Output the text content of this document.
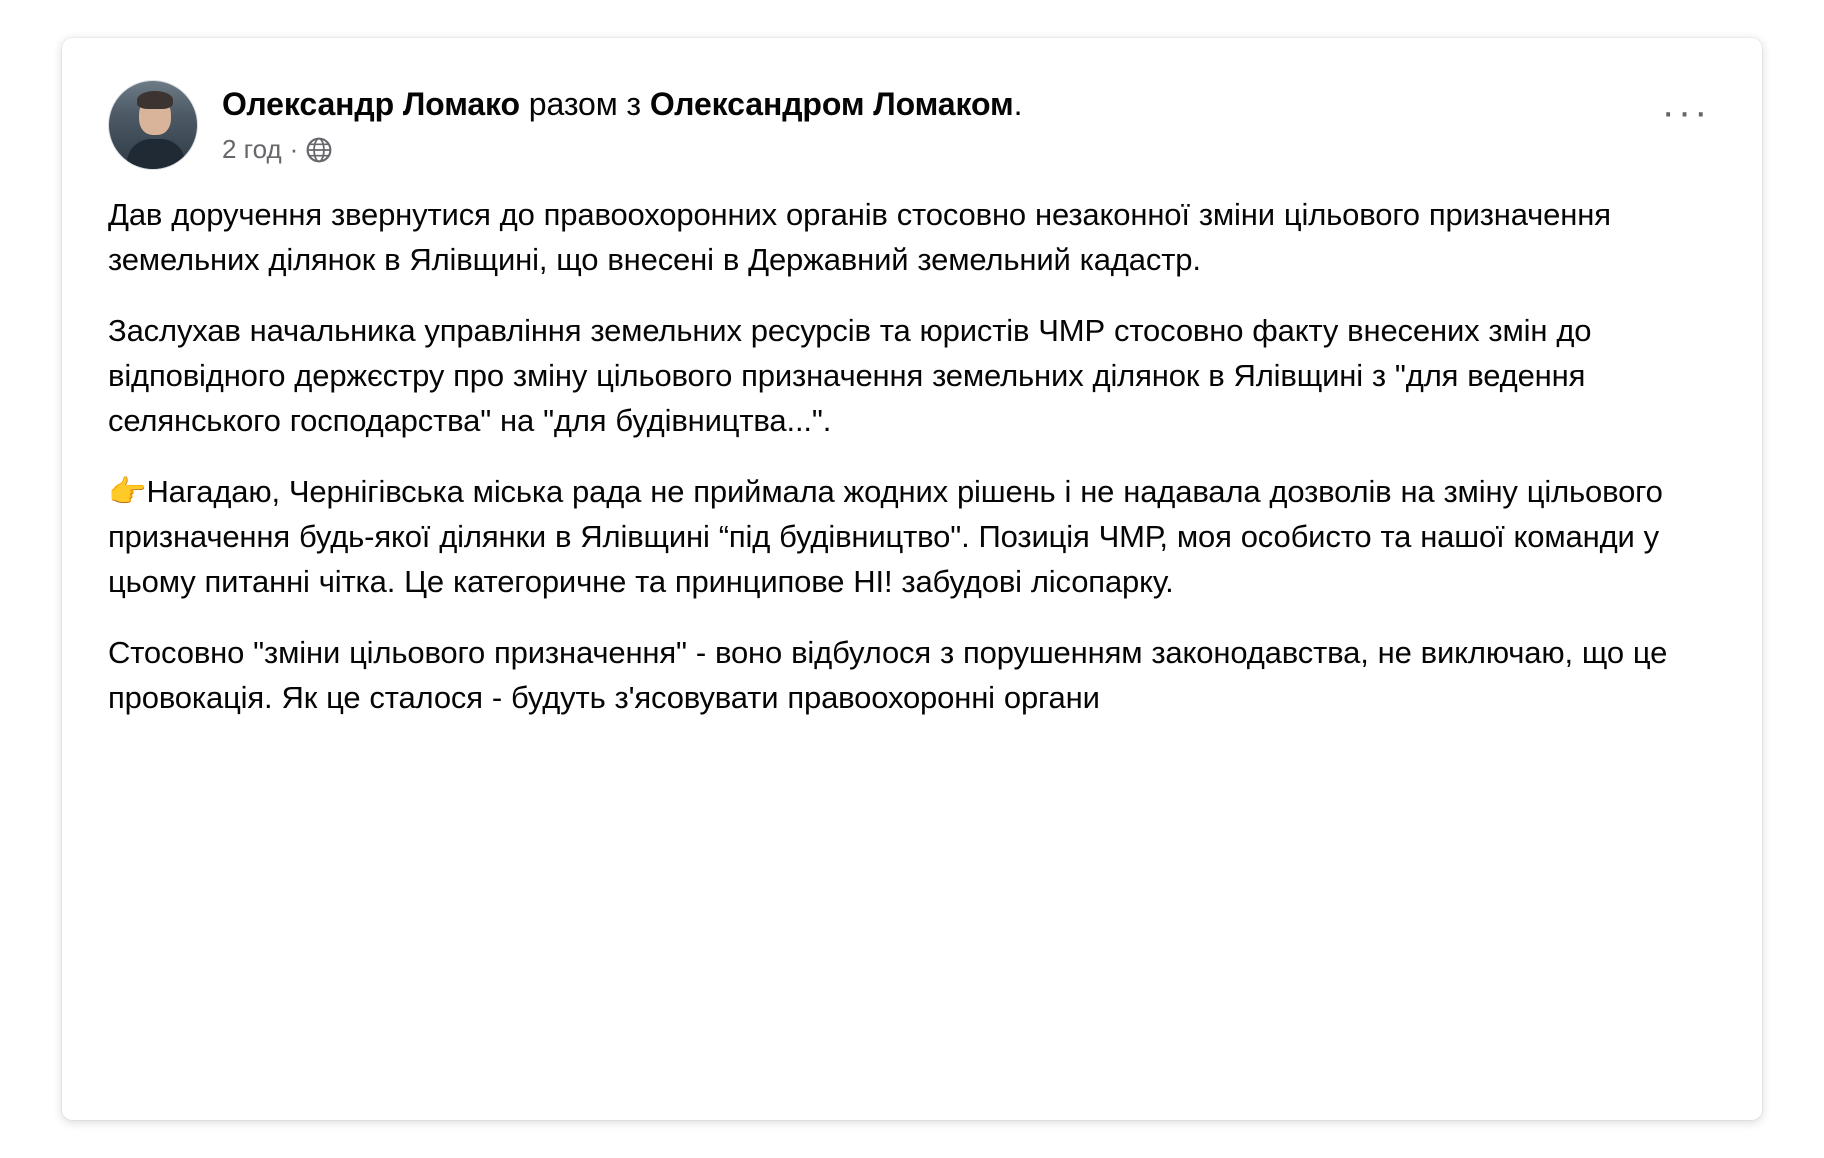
Олександр Ломако разом з Олександром Ломаком.
2 год ·
···

Дав доручення звернутися до правоохоронних органів стосовно незаконної зміни цільового призначення земельних ділянок в Ялівщині, що внесені в Державний земельний кадастр.

Заслухав начальника управління земельних ресурсів та юристів ЧМР стосовно факту внесених змін до відповідного держєстру про зміну цільового призначення земельних ділянок в Ялівщині з "для ведення селянського господарства" на "для будівництва...".

👉Нагадаю, Чернігівська міська рада не приймала жодних рішень і не надавала дозволів на зміну цільового призначення будь-якої ділянки в Ялівщині “під будівництво". Позиція ЧМР, моя особисто та нашої команди у цьому питанні чітка. Це категоричне та принципове НІ! забудові лісопарку.

Стосовно "зміни цільового призначення" - воно відбулося з порушенням законодавства, не виключаю, що це провокація. Як це сталося - будуть з'ясовувати правоохоронні органи
